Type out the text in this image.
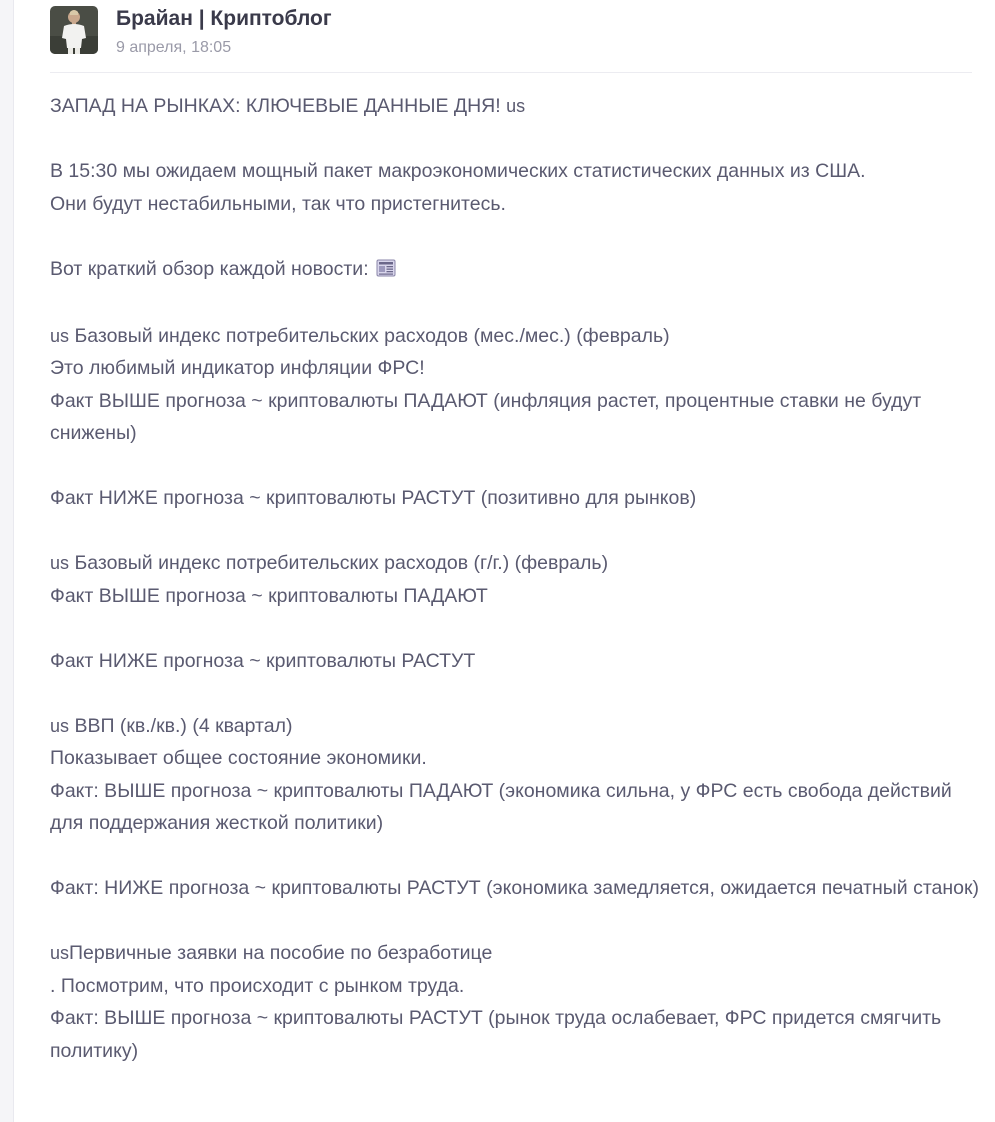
Брайан | Криптоблог
9 апреля, 18:05

ЗАПАД НА РЫНКАХ: КЛЮЧЕВЫЕ ДАННЫЕ ДНЯ! us

В 15:30 мы ожидаем мощный пакет макроэкономических статистических данных из США.
Они будут нестабильными, так что пристегнитесь.

Вот краткий обзор каждой новости:

us Базовый индекс потребительских расходов (мес./мес.) (февраль)
Это любимый индикатор инфляции ФРС!
Факт ВЫШЕ прогноза ~ криптовалюты ПАДАЮТ (инфляция растет, процентные ставки не будут снижены)

Факт НИЖЕ прогноза ~ криптовалюты РАСТУТ (позитивно для рынков)

us Базовый индекс потребительских расходов (г/г.) (февраль)
Факт ВЫШЕ прогноза ~ криптовалюты ПАДАЮТ

Факт НИЖЕ прогноза ~ криптовалюты РАСТУТ

us ВВП (кв./кв.) (4 квартал)
Показывает общее состояние экономики.
Факт: ВЫШЕ прогноза ~ криптовалюты ПАДАЮТ (экономика сильна, у ФРС есть свобода действий для поддержания жесткой политики)

Факт: НИЖЕ прогноза ~ криптовалюты РАСТУТ (экономика замедляется, ожидается печатный станок)

usПервичные заявки на пособие по безработице
. Посмотрим, что происходит с рынком труда.
Факт: ВЫШЕ прогноза ~ криптовалюты РАСТУТ (рынок труда ослабевает, ФРС придется смягчить политику)
